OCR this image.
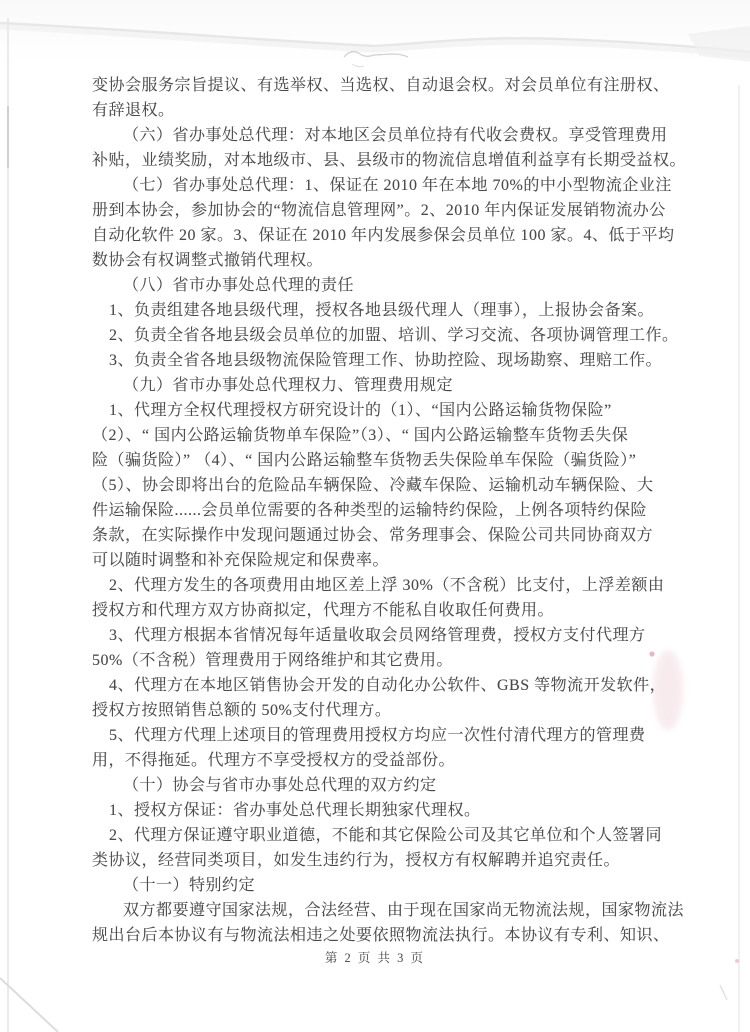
变协会服务宗旨提议、有选举权、当选权、自动退会权。对会员单位有注册权、
有辞退权。
（六）省办事处总代理：对本地区会员单位持有代收会费权。享受管理费用
补贴，业绩奖励，对本地级市、县、县级市的物流信息增值利益享有长期受益权。
（七）省办事处总代理：1、保证在 2010 年在本地 70%的中小型物流企业注
册到本协会，参加协会的“物流信息管理网”。2、2010 年内保证发展销物流办公
自动化软件 20 家。3、保证在 2010 年内发展参保会员单位 100 家。4、低于平均
数协会有权调整式撤销代理权。
（八）省市办事处总代理的责任
1、负责组建各地县级代理，授权各地县级代理人（理事），上报协会备案。
2、负责全省各地县级会员单位的加盟、培训、学习交流、各项协调管理工作。
3、负责全省各地县级物流保险管理工作、协助控险、现场勘察、理赔工作。
（九）省市办事处总代理权力、管理费用规定
1、代理方全权代理授权方研究设计的（1）、“国内公路运输货物保险”
（2）、“ 国内公路运输货物单车保险”（3）、“ 国内公路运输整车货物丢失保
险（骗货险）” （4）、“ 国内公路运输整车货物丢失保险单车保险（骗货险）”
（5）、协会即将出台的危险品车辆保险、冷藏车保险、运输机动车辆保险、大
件运输保险......会员单位需要的各种类型的运输特约保险，上例各项特约保险
条款，在实际操作中发现问题通过协会、常务理事会、保险公司共同协商双方
可以随时调整和补充保险规定和保费率。
2、代理方发生的各项费用由地区差上浮 30%（不含税）比支付，上浮差额由
授权方和代理方双方协商拟定，代理方不能私自收取任何费用。
3、代理方根据本省情况每年适量收取会员网络管理费，授权方支付代理方
50%（不含税）管理费用于网络维护和其它费用。
4、代理方在本地区销售协会开发的自动化办公软件、GBS 等物流开发软件，
授权方按照销售总额的 50%支付代理方。
5、代理方代理上述项目的管理费用授权方均应一次性付清代理方的管理费
用，不得拖延。代理方不享受授权方的受益部份。
（十）协会与省市办事处总代理的双方约定
1、授权方保证：省办事处总代理长期独家代理权。
2、代理方保证遵守职业道德，不能和其它保险公司及其它单位和个人签署同
类协议，经营同类项目，如发生违约行为，授权方有权解聘并追究责任。
（十一）特别约定
双方都要遵守国家法规，合法经营、由于现在国家尚无物流法规，国家物流法
规出台后本协议有与物流法相违之处要依照物流法执行。本协议有专利、知识、
第 2 页 共 3 页
